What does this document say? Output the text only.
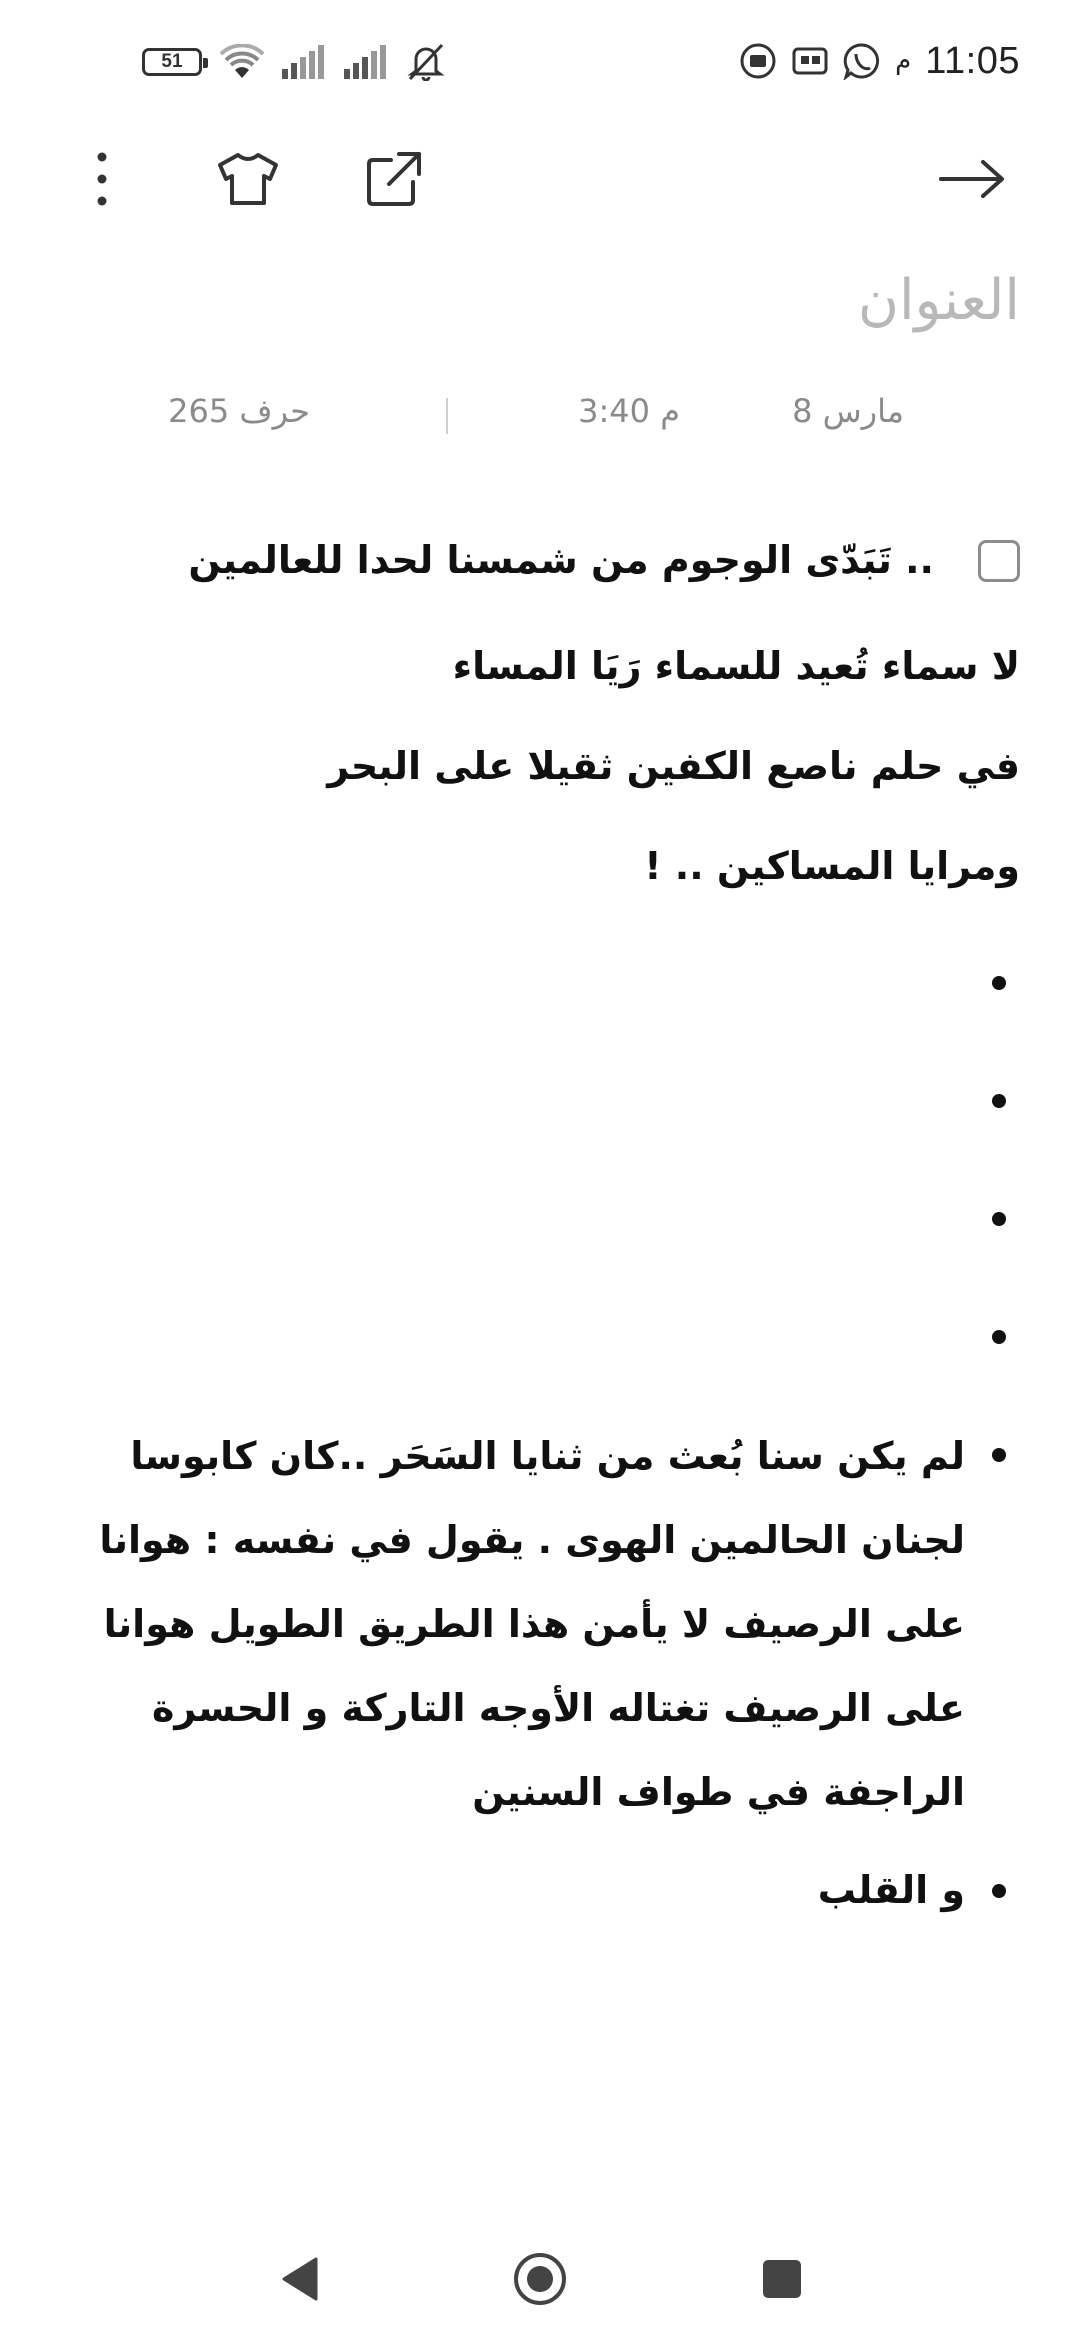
51	م 11:05
العنوان
8 مارس
3:40 م
265 حرف
.. تَبَدّى الوجوم من شمسنا لحدا للعالمين
لا سماء تُعيد للسماء رَيَا المساء
في حلم ناصع الكفين ثقيلا على البحر
ومرايا المساكين .. !
لم يكن سنا بُعث من ثنايا السَحَر ..كان كابوسا لجنان الحالمين الهوى . يقول في نفسه : هوانا على الرصيف لا يأمن هذا الطريق الطويل هوانا على الرصيف تغتاله الأوجه التاركة و الحسرة الراجفة في طواف السنين
و القلب
